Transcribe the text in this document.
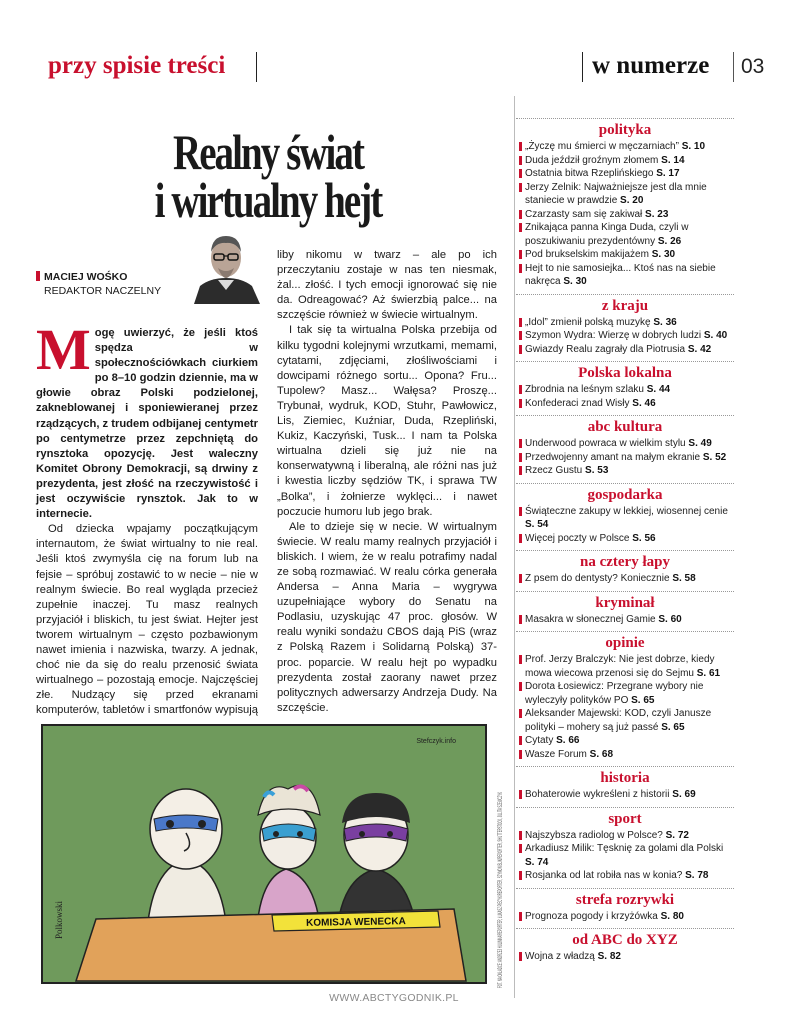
przy spisie treści	w numerze 03
Realny świat
i wirtualny hejt
MACIEJ WOŚKO
REDAKTOR NACZELNY

Mogę uwierzyć, że jeśli ktoś spędza w społecznościówkach ciurkiem po 8–10 godzin dziennie, ma w głowie obraz Polski podzielonej, zakneblowanej i sponiewieranej przez rządzących, z trudem odbijanej centymetr po centymetrze przez zepchniętą do rynsztoka opozycję. Jest waleczny Komitet Obrony Demokracji, są drwiny z prezydenta, jest złość na rzeczywistość i jest oczywiście rynsztok. Jak to w internecie.

Od dziecka wpajamy początkującym internautom, że świat wirtualny to nie real. Jeśli ktoś zwymyśla cię na forum lub na fejsie – spróbuj zostawić to w necie – nie w realnym świecie. Bo real wygląda przecież zupełnie inaczej. Tu masz realnych przyjaciół i bliskich, tu jest świat. Hejter jest tworem wirtualnym – często pozbawionym nawet imienia i nazwiska, twarzy. A jednak, choć nie da się do realu przenosić świata wirtualnego – pozostają emocje. Najczęściej złe. Nudzący się przed ekranami komputerów, tabletów i smartfonów wypisują

liby nikomu w twarz – ale po ich przeczytaniu zostaje w nas ten niesmak, żal... złość. I tych emocji ignorować się nie da. Odreagować? Aż świerzbią palce... na szczęście również w świecie wirtualnym.

I tak się ta wirtualna Polska przebija od kilku tygodni kolejnymi wrzutkami, memami, cytatami, zdjęciami, złośliwościami i dowcipami różnego sortu... Opona? Fru... Tupolew? Masz... Wałęsa? Proszę... Trybunał, wydruk, KOD, Stuhr, Pawłowicz, Lis, Ziemiec, Kuźniar, Duda, Rzepliński, Kukiz, Kaczyński, Tusk... I nam ta Polska wirtualna dzieli się już nie na konserwatywną i liberalną, ale różni nas już i kwestia liczby sędziów TK, i sprawa TW „Bolka”, i żołnierze wyklęci... i nawet poczucie humoru lub jego brak.

Ale to dzieje się w necie. W wirtualnym świecie. W realu mamy realnych przyjaciół i bliskich. I wiem, że w realu potrafimy nadal ze sobą rozmawiać. W realu córka generała Andersa – Anna Maria – wygrywa uzupełniające wybory do Senatu na Podlasiu, uzyskując 47 proc. głosów. W realu wyniki sondażu CBOS dają PiS (wraz z Polską Razem i Solidarną Polską) 37-proc. poparcie. W realu hejt po wypadku prezydenta został zaorany nawet przez politycznych adwersarzy Andrzeja Dudy. Na szczęście.

Stefczyk.info
KOMISJA WENECKA
Polkowski	FOT. NA OKŁADCE: ANDRZEJ HULIMKA/REPORTER, ŁUKASZ PIECYK/REPORTER, SZYMON BLIK/REPORTER, SHUTTERSTOCK, JULITA SZEWCZYK
WWW.ABCTYGODNIK.PL
polityka
„Życzę mu śmierci w męczarniach” S. 10
Duda jeździł groźnym złomem S. 14
Ostatnia bitwa Rzeplińskiego S. 17
Jerzy Zelnik: Najważniejsze jest dla mnie staniecie w prawdzie S. 20
Czarzasty sam się zakiwał S. 23
Znikająca panna Kinga Duda, czyli w poszukiwaniu prezydentówny S. 26
Pod brukselskim makijażem S. 30
Hejt to nie samosiejka... Ktoś nas na siebie nakręca S. 30
z kraju
„Idol” zmienił polską muzykę S. 36
Szymon Wydra: Wierzę w dobrych ludzi S. 40
Gwiazdy Realu zagrały dla Piotrusia S. 42
Polska lokalna
Zbrodnia na leśnym szlaku S. 44
Konfederaci znad Wisły S. 46
abc kultura
Underwood powraca w wielkim stylu S. 49
Przedwojenny amant na małym ekranie S. 52
Rzecz Gustu S. 53
gospodarka
Świąteczne zakupy w lekkiej, wiosennej cenie S. 54
Więcej poczty w Polsce S. 56
na cztery łapy
Z psem do dentysty? Koniecznie S. 58
kryminał
Masakra w słonecznej Gamie S. 60
opinie
Prof. Jerzy Bralczyk: Nie jest dobrze, kiedy mowa wiecowa przenosi się do Sejmu S. 61
Dorota Łosiewicz: Przegrane wybory nie wyleczyły polityków PO S. 65
Aleksander Majewski: KOD, czyli Janusze polityki – mohery są już passé S. 65
Cytaty S. 66
Wasze Forum S. 68
historia
Bohaterowie wykreśleni z historii S. 69
sport
Najszybsza radiolog w Polsce? S. 72
Arkadiusz Milik: Tęsknię za golami dla Polski S. 74
Rosjanka od lat robiła nas w konia? S. 78
strefa rozrywki
Prognoza pogody i krzyżówka S. 80
od ABC do XYZ
Wojna z władzą S. 82
